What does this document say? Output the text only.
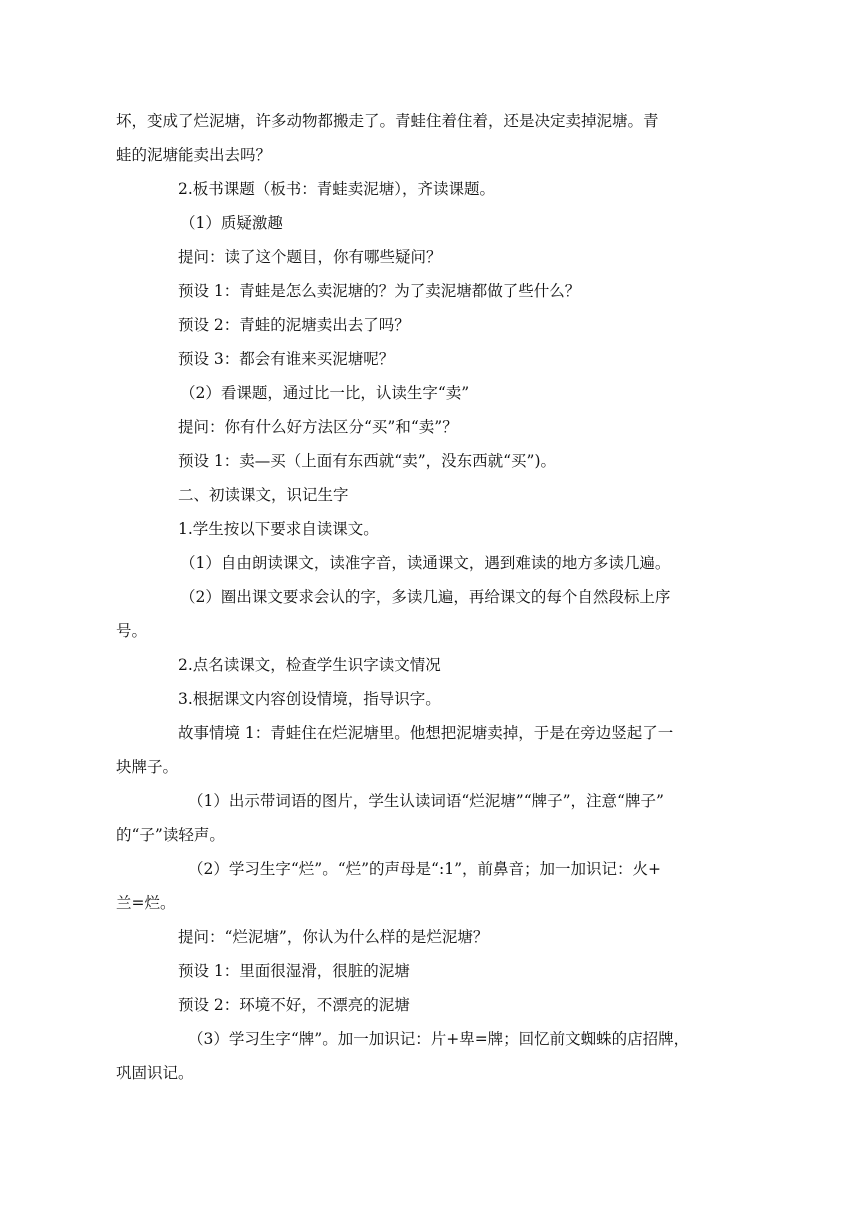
坏，变成了烂泥塘，许多动物都搬走了。青蛙住着住着，还是决定卖掉泥塘。青
蛙的泥塘能卖出去吗？
2.板书课题（板书：青蛙卖泥塘），齐读课题。
（1）质疑激趣
提问：读了这个题目，你有哪些疑问？
预设 1：青蛙是怎么卖泥塘的？为了卖泥塘都做了些什么？
预设 2：青蛙的泥塘卖出去了吗？
预设 3：都会有谁来买泥塘呢？
（2）看课题，通过比一比，认读生字“卖”
提问：你有什么好方法区分“买”和“卖”？
预设 1：卖—买（上面有东西就“卖”，没东西就“买”)。
二、初读课文，识记生字
1.学生按以下要求自读课文。
（1）自由朗读课文，读准字音，读通课文，遇到难读的地方多读几遍。
（2）圈出课文要求会认的字，多读几遍，再给课文的每个自然段标上序
号。
2.点名读课文，检查学生识字读文情况
3.根据课文内容创设情境，指导识字。
故事情境 1：青蛙住在烂泥塘里。他想把泥塘卖掉，于是在旁边竖起了一
块牌子。
（1）出示带词语的图片，学生认读词语“烂泥塘”“牌子”，注意“牌子”
的“子”读轻声。
（2）学习生字“烂”。“烂”的声母是“:1”，前鼻音；加一加识记：火+
兰=烂。
提问：“烂泥塘”，你认为什么样的是烂泥塘？
预设 1：里面很湿滑，很脏的泥塘
预设 2：环境不好，不漂亮的泥塘
（3）学习生字“牌”。加一加识记：片+卑=牌；回忆前文蜘蛛的店招牌，
巩固识记。
